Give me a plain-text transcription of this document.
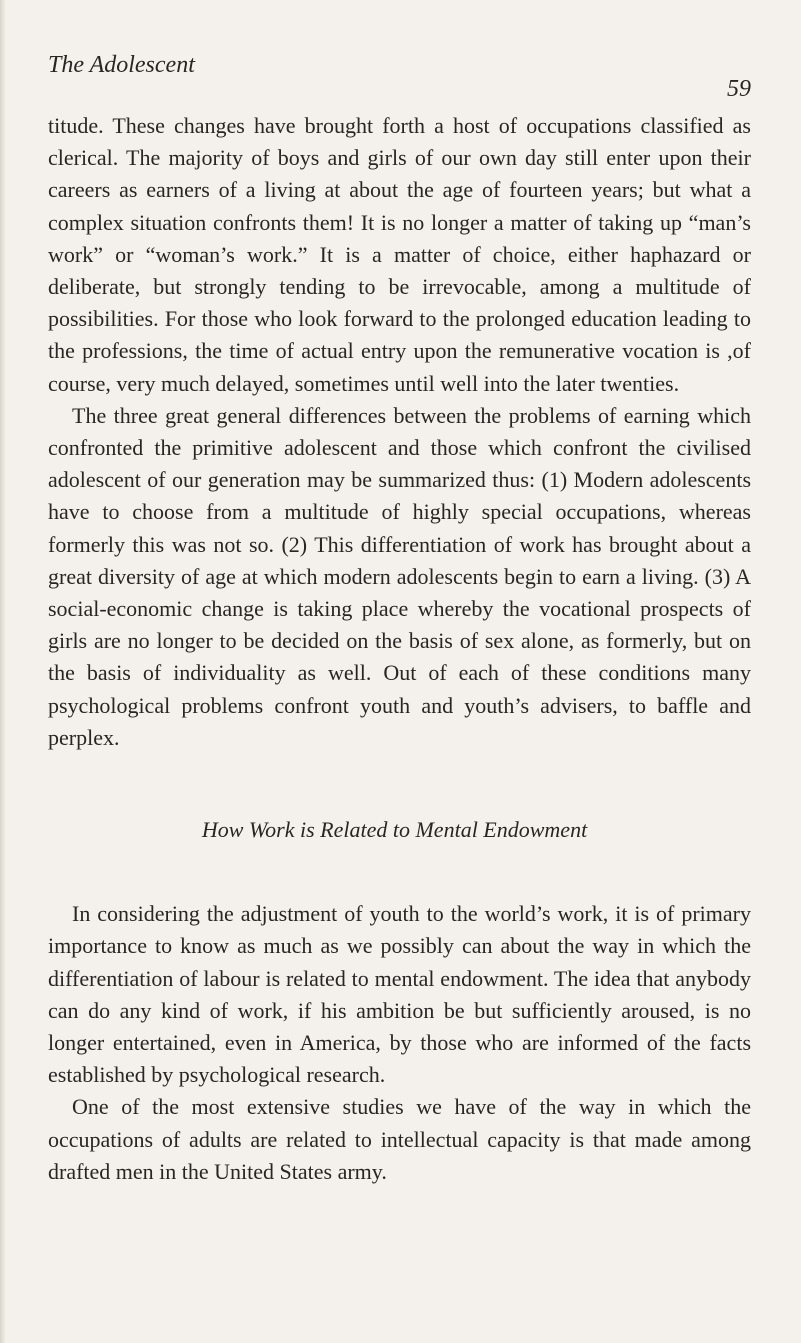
The Adolescent
59

titude. These changes have brought forth a host of occupations classified as clerical. The majority of boys and girls of our own day still enter upon their careers as earners of a living at about the age of fourteen years; but what a complex situation confronts them! It is no longer a matter of taking up “man’s work” or “woman’s work.” It is a matter of choice, either haphazard or deliberate, but strongly tending to be irrevocable, among a multitude of possibilities. For those who look forward to the prolonged education leading to the professions, the time of actual entry upon the remunerative vocation is ,of course, very much delayed, sometimes until well into the later twenties.

The three great general differences between the problems of earning which confronted the primitive adolescent and those which confront the civilised adolescent of our generation may be summarized thus: (1) Modern adolescents have to choose from a multitude of highly special occupations, whereas formerly this was not so. (2) This differentiation of work has brought about a great diversity of age at which modern adolescents begin to earn a living. (3) A social-economic change is taking place whereby the vocational prospects of girls are no longer to be decided on the basis of sex alone, as formerly, but on the basis of individuality as well. Out of each of these conditions many psychological problems confront youth and youth’s advisers, to baffle and perplex.

How Work is Related to Mental Endowment

In considering the adjustment of youth to the world’s work, it is of primary importance to know as much as we possibly can about the way in which the differentiation of labour is related to mental endowment. The idea that anybody can do any kind of work, if his ambition be but sufficiently aroused, is no longer entertained, even in America, by those who are informed of the facts established by psychological research.

One of the most extensive studies we have of the way in which the occupations of adults are related to intellectual capacity is that made among drafted men in the United States army.
